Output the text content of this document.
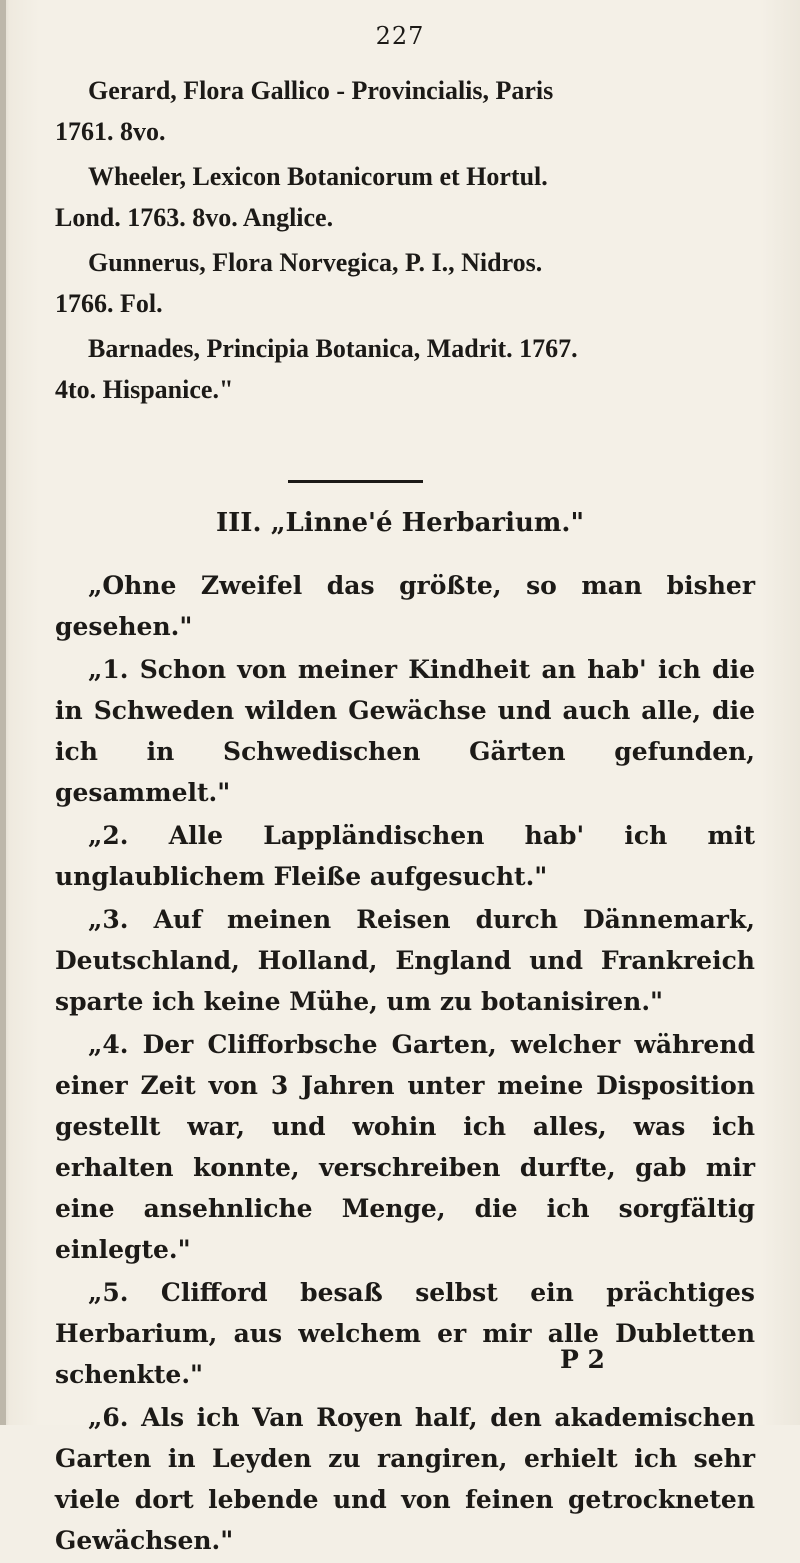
227
Gerard, Flora Gallico - Provincialis, Paris
1761. 8vo.
Wheeler, Lexicon Botanicorum et Hortul.
Lond. 1763. 8vo. Anglice.
Gunnerus, Flora Norvegica, P. I., Nidros.
1766. Fol.
Barnades, Principia Botanica, Madrit. 1767.
4to. Hispanice."
III. „Linne'é Herbarium."

„Ohne Zweifel das größte, so man bisher gesehen."

„1. Schon von meiner Kindheit an hab' ich die in Schweden wilden Gewächse und auch alle, die ich in Schwedischen Gärten gefunden, gesammelt."

„2. Alle Lappländischen hab' ich mit unglaublichem Fleiße aufgesucht."

„3. Auf meinen Reisen durch Dännemark, Deutschland, Holland, England und Frankreich sparte ich keine Mühe, um zu botanisiren."

„4. Der Clifforbsche Garten, welcher während einer Zeit von 3 Jahren unter meine Disposition gestellt war, und wohin ich alles, was ich erhalten konnte, verschreiben durfte, gab mir eine ansehnliche Menge, die ich sorgfältig einlegte."

„5. Clifford besaß selbst ein prächtiges Herbarium, aus welchem er mir alle Dubletten schenkte."

„6. Als ich Van Royen half, den akademischen Garten in Leyden zu rangiren, erhielt ich sehr viele dort lebende und von feinen getrockneten Gewächsen."

P 2
